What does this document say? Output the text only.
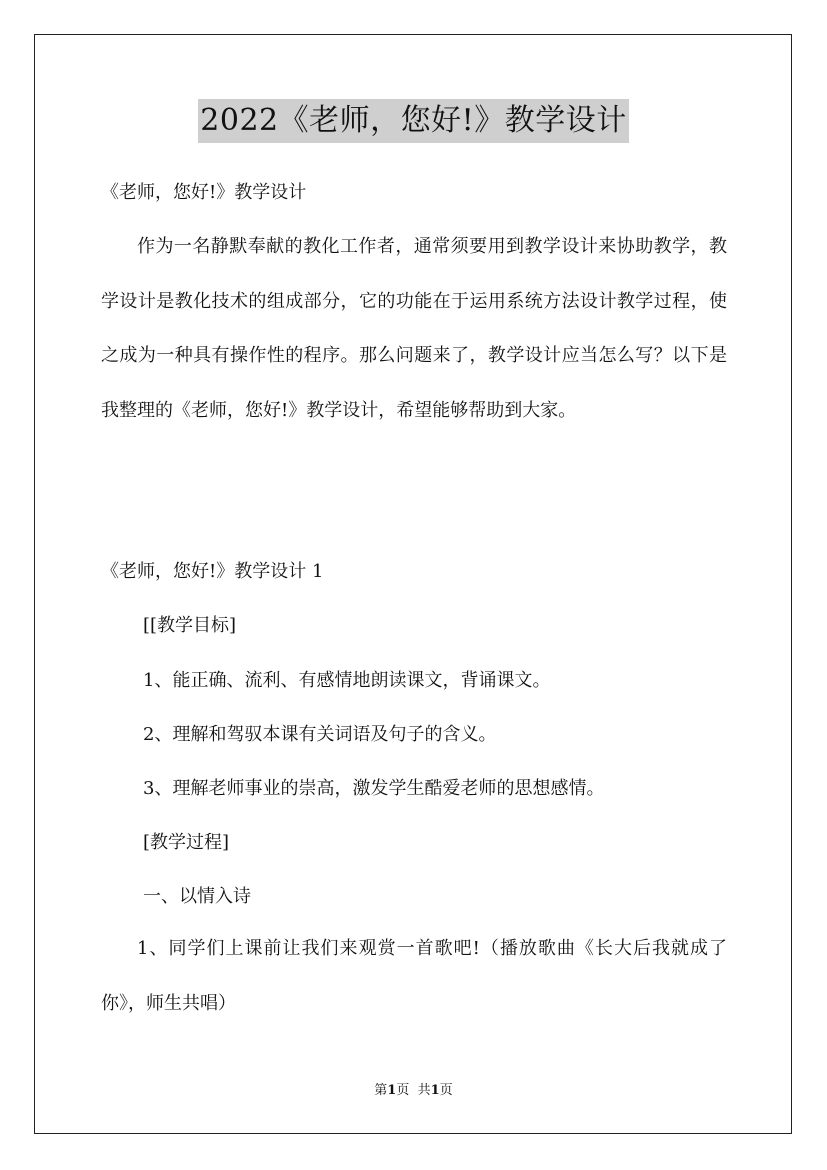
2022《老师，您好!》教学设计
《老师，您好!》教学设计
作为一名静默奉献的教化工作者，通常须要用到教学设计来协助教学，教学设计是教化技术的组成部分，它的功能在于运用系统方法设计教学过程，使之成为一种具有操作性的程序。那么问题来了，教学设计应当怎么写？以下是我整理的《老师，您好!》教学设计，希望能够帮助到大家。
《老师，您好!》教学设计 1
[[教学目标]
1、能正确、流利、有感情地朗读课文，背诵课文。
2、理解和驾驭本课有关词语及句子的含义。
3、理解老师事业的崇高，激发学生酷爱老师的思想感情。
[教学过程]
一、以情入诗
1、同学们上课前让我们来观赏一首歌吧!（播放歌曲《长大后我就成了你》，师生共唱）
第1页 共1页
